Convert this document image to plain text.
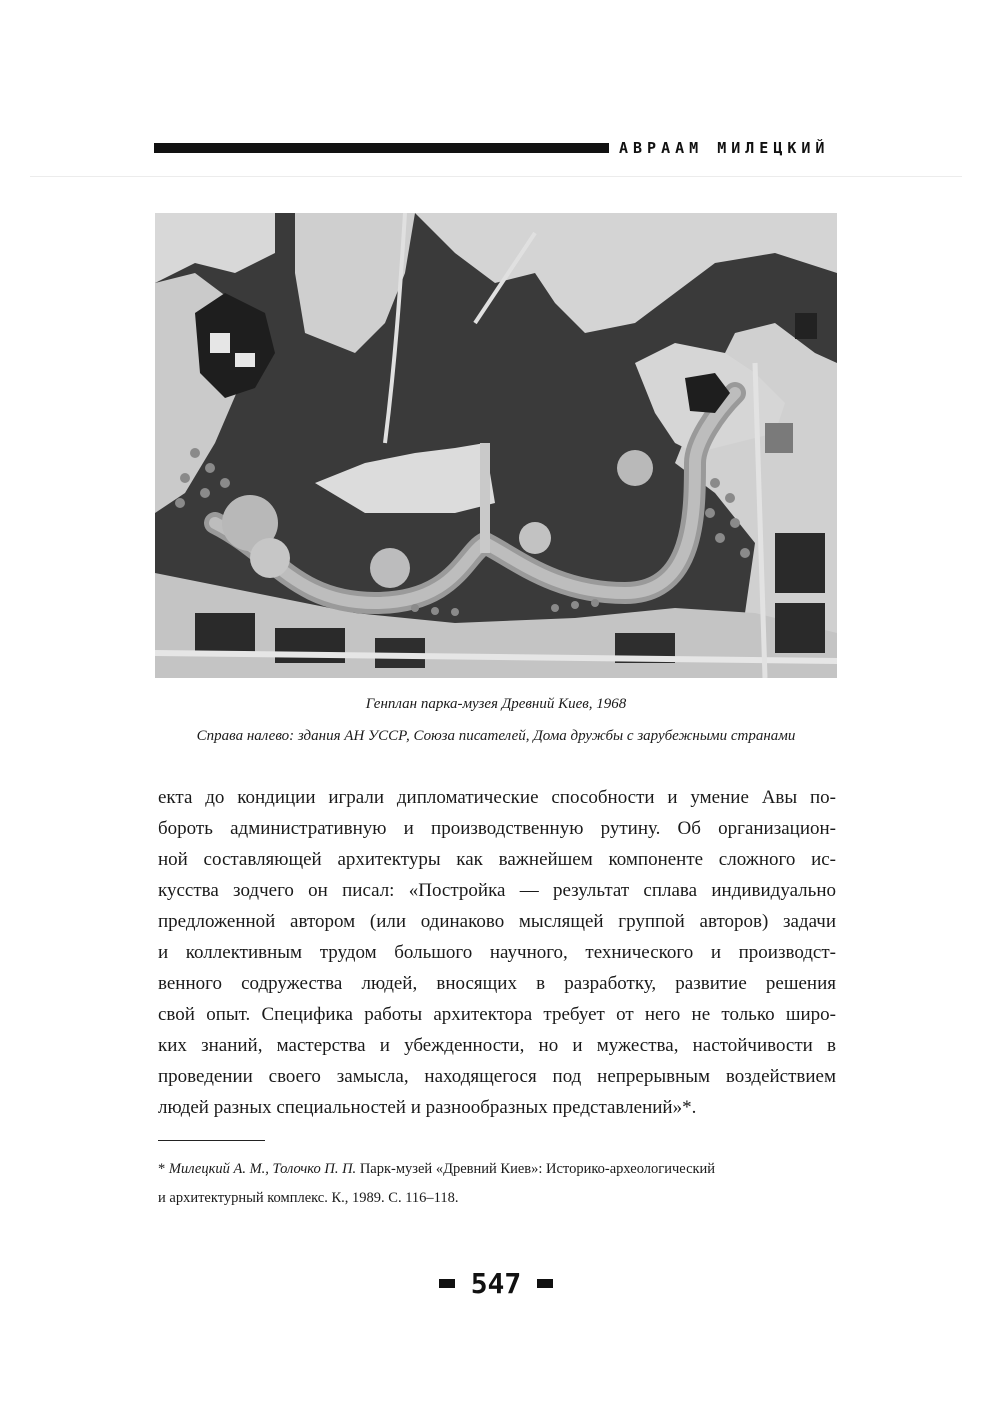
АВРААМ МИЛЕЦКИЙ
Генплан парка-музея Древний Киев, 1968
Справа налево: здания АН УССР, Союза писателей, Дома дружбы с зарубежными странами
екта до кондиции играли дипломатические способности и умение Авы по-
бороть административную и производственную рутину. Об организацион-
ной составляющей архитектуры как важнейшем компоненте сложного ис-
кусства зодчего он писал: «Постройка — результат сплава индивидуально
предложенной автором (или одинаково мыслящей группой авторов) задачи
и коллективным трудом большого научного, технического и производст-
венного содружества людей, вносящих в разработку, развитие решения
свой опыт. Специфика работы архитектора требует от него не только широ-
ких знаний, мастерства и убежденности, но и мужества, настойчивости в
проведении своего замысла, находящегося под непрерывным воздействием
людей разных специальностей и разнообразных представлений»*.
* Милецкий А. М., Толочко П. П. Парк-музей «Древний Киев»: Историко-археологический
и архитектурный комплекс. К., 1989. С. 116–118.
547
